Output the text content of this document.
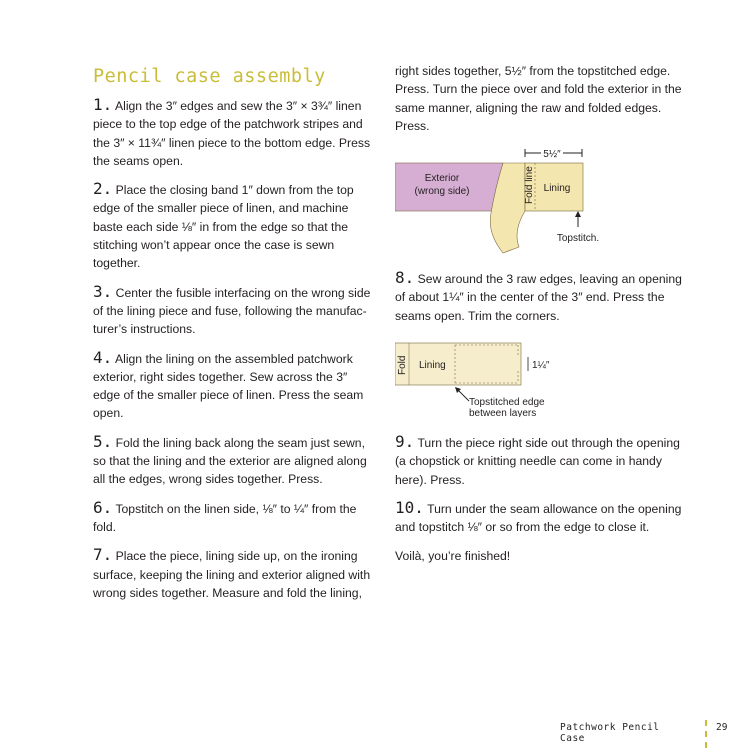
Pencil case assembly

1. Align the 3″ edges and sew the 3″ × 3¾″ linen piece to the top edge of the patchwork stripes and the 3″ × 11¾″ linen piece to the bottom edge. Press the seams open.

2. Place the closing band 1″ down from the top edge of the smaller piece of linen, and machine baste each side ⅛″ in from the edge so that the stitching won’t appear once the case is sewn together.

3. Center the fusible interfacing on the wrong side of the lining piece and fuse, following the manufac-turer’s instructions.

4. Align the lining on the assembled patchwork exterior, right sides together. Sew across the 3″ edge of the smaller piece of linen. Press the seam open.

5. Fold the lining back along the seam just sewn, so that the lining and the exterior are aligned along all the edges, wrong sides together. Press.

6. Topstitch on the linen side, ⅛″ to ¼″ from the fold.

7. Place the piece, lining side up, on the ironing surface, keeping the lining and exterior aligned with wrong sides together. Measure and fold the lining,

right sides together, 5½″ from the topstitched edge. Press. Turn the piece over and fold the exterior in the same manner, aligning the raw and folded edges. Press.

5½″
Exterior
(wrong side)	Fold line Lining
Topstitch.

8. Sew around the 3 raw edges, leaving an opening of about 1¼″ in the center of the 3″ end. Press the seams open. Trim the corners.

Fold Lining	1¼″
Topstitched edge
between layers

9. Turn the piece right side out through the opening (a chopstick or knitting needle can come in handy here). Press.

10. Turn under the seam allowance on the opening and topstitch ⅛″ or so from the edge to close it.

Voilà, you’re finished!

Patchwork Pencil Case
29
